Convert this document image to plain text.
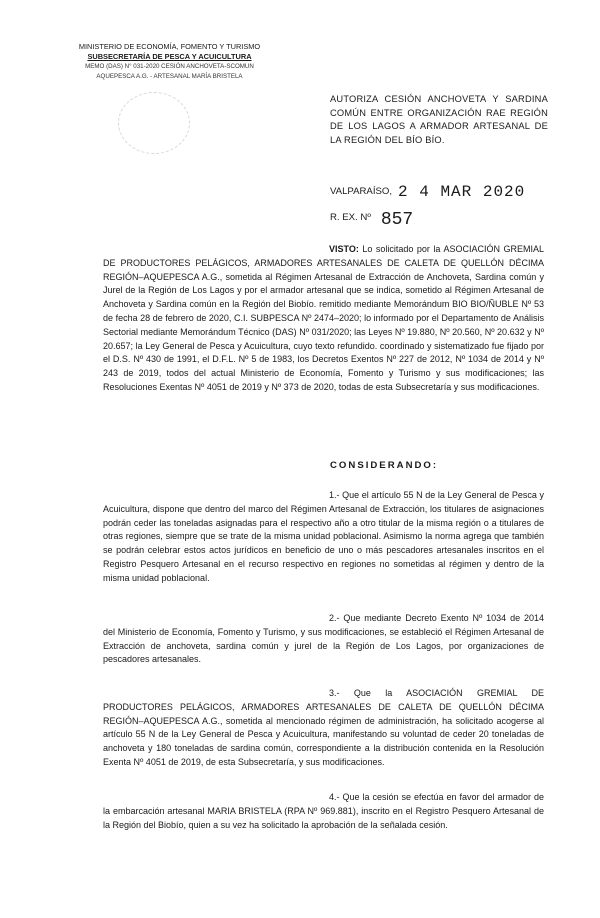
MINISTERIO DE ECONOMÍA, FOMENTO Y TURISMO
SUBSECRETARÍA DE PESCA Y ACUICULTURA
MEMO (DAS) N° 031-2020 CESIÓN ANCHOVETA-SCOMUN
AQUEPESCA A.G. - ARTESANAL MARÍA BRISTELA
AUTORIZA CESIÓN ANCHOVETA Y SARDINA COMÚN ENTRE ORGANIZACIÓN RAE REGIÓN DE LOS LAGOS A ARMADOR ARTESANAL DE LA REGIÓN DEL BÍO BÍO.
VALPARAÍSO, 2 4 MAR 2020
R. EX. Nº 857
VISTO: Lo solicitado por la ASOCIACIÓN GREMIAL DE PRODUCTORES PELÁGICOS, ARMADORES ARTESANALES DE CALETA DE QUELLÓN DÉCIMA REGIÓN–AQUEPESCA A.G., sometida al Régimen Artesanal de Extracción de Anchoveta, Sardina común y Jurel de la Región de Los Lagos y por el armador artesanal que se indica, sometido al Régimen Artesanal de Anchoveta y Sardina común en la Región del Biobío. remitido mediante Memorándum BIO BIO/ÑUBLE Nº 53 de fecha 28 de febrero de 2020, C.I. SUBPESCA Nº 2474–2020; lo informado por el Departamento de Análisis Sectorial mediante Memorándum Técnico (DAS) Nº 031/2020; las Leyes Nº 19.880, Nº 20.560, Nº 20.632 y Nº 20.657; la Ley General de Pesca y Acuicultura, cuyo texto refundido. coordinado y sistematizado fue fijado por el D.S. Nº 430 de 1991, el D.F.L. Nº 5 de 1983, los Decretos Exentos Nº 227 de 2012, Nº 1034 de 2014 y Nº 243 de 2019, todos del actual Ministerio de Economía, Fomento y Turismo y sus modificaciones; las Resoluciones Exentas Nº 4051 de 2019 y Nº 373 de 2020, todas de esta Subsecretaría y sus modificaciones.
CONSIDERANDO:
1.- Que el artículo 55 N de la Ley General de Pesca y Acuicultura, dispone que dentro del marco del Régimen Artesanal de Extracción, los titulares de asignaciones podrán ceder las toneladas asignadas para el respectivo año a otro titular de la misma región o a titulares de otras regiones, siempre que se trate de la misma unidad poblacional. Asimismo la norma agrega que también se podrán celebrar estos actos jurídicos en beneficio de uno o más pescadores artesanales inscritos en el Registro Pesquero Artesanal en el recurso respectivo en regiones no sometidas al régimen y dentro de la misma unidad poblacional.
2.- Que mediante Decreto Exento Nº 1034 de 2014 del Ministerio de Economía, Fomento y Turismo, y sus modificaciones, se estableció el Régimen Artesanal de Extracción de anchoveta, sardina común y jurel de la Región de Los Lagos, por organizaciones de pescadores artesanales.
3.- Que la ASOCIACIÓN GREMIAL DE PRODUCTORES PELÁGICOS, ARMADORES ARTESANALES DE CALETA DE QUELLÓN DÉCIMA REGIÓN–AQUEPESCA A.G., sometida al mencionado régimen de administración, ha solicitado acogerse al artículo 55 N de la Ley General de Pesca y Acuicultura, manifestando su voluntad de ceder 20 toneladas de anchoveta y 180 toneladas de sardina común, correspondiente a la distribución contenida en la Resolución Exenta Nº 4051 de 2019, de esta Subsecretaría, y sus modificaciones.
4.- Que la cesión se efectúa en favor del armador de la embarcación artesanal MARIA BRISTELA (RPA Nº 969.881), inscrito en el Registro Pesquero Artesanal de la Región del Biobío, quien a su vez ha solicitado la aprobación de la señalada cesión.
